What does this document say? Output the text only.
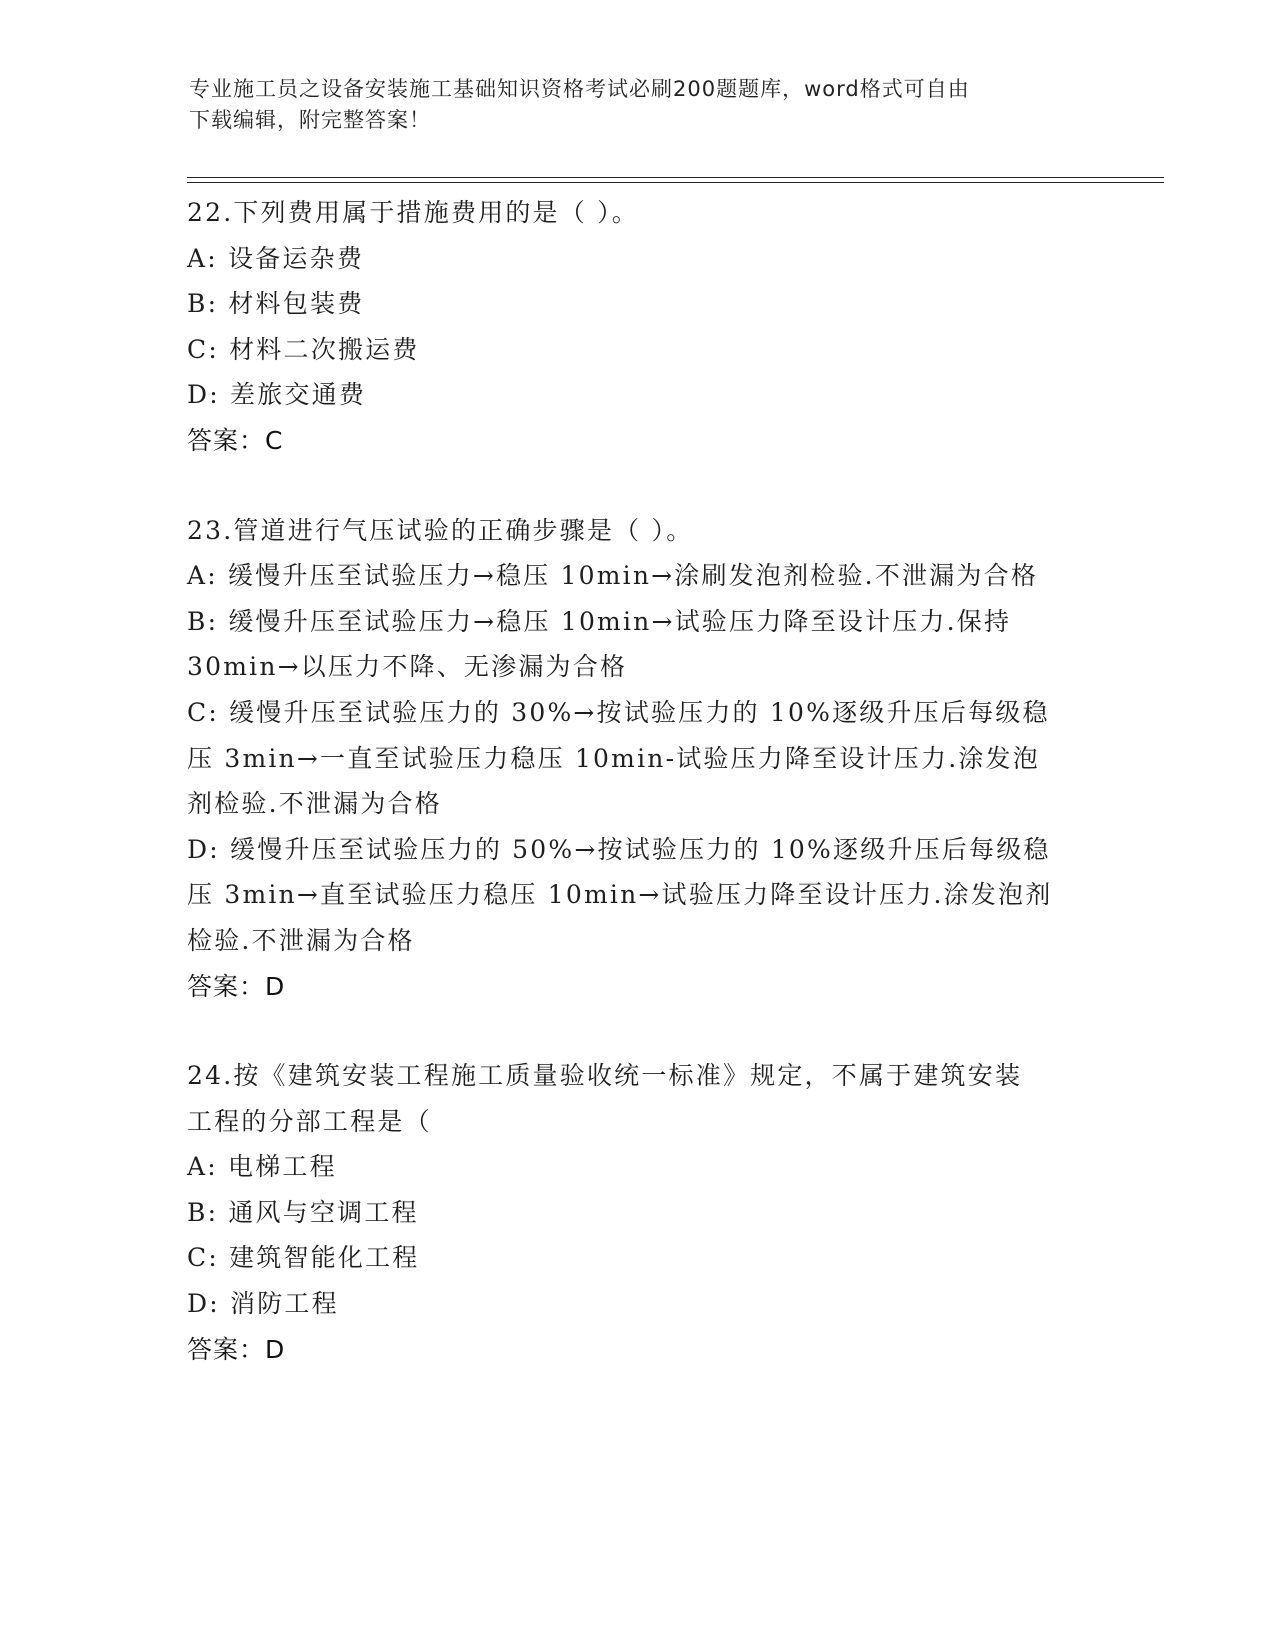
专业施工员之设备安装施工基础知识资格考试必刷200题题库，word格式可自由
下载编辑，附完整答案！
22.下列费用属于措施费用的是（ ）。
A: 设备运杂费
B: 材料包装费
C: 材料二次搬运费
D: 差旅交通费
答案：C
23.管道进行气压试验的正确步骤是（ ）。
A: 缓慢升压至试验压力→稳压 10min→涂刷发泡剂检验.不泄漏为合格
B: 缓慢升压至试验压力→稳压 10min→试验压力降至设计压力.保持
30min→以压力不降、无渗漏为合格
C: 缓慢升压至试验压力的 30%→按试验压力的 10%逐级升压后每级稳
压 3min→一直至试验压力稳压 10min-试验压力降至设计压力.涂发泡
剂检验.不泄漏为合格
D: 缓慢升压至试验压力的 50%→按试验压力的 10%逐级升压后每级稳
压 3min→直至试验压力稳压 10min→试验压力降至设计压力.涂发泡剂
检验.不泄漏为合格
答案：D
24.按《建筑安装工程施工质量验收统一标准》规定，不属于建筑安装
工程的分部工程是（
A: 电梯工程
B: 通风与空调工程
C: 建筑智能化工程
D: 消防工程
答案：D
